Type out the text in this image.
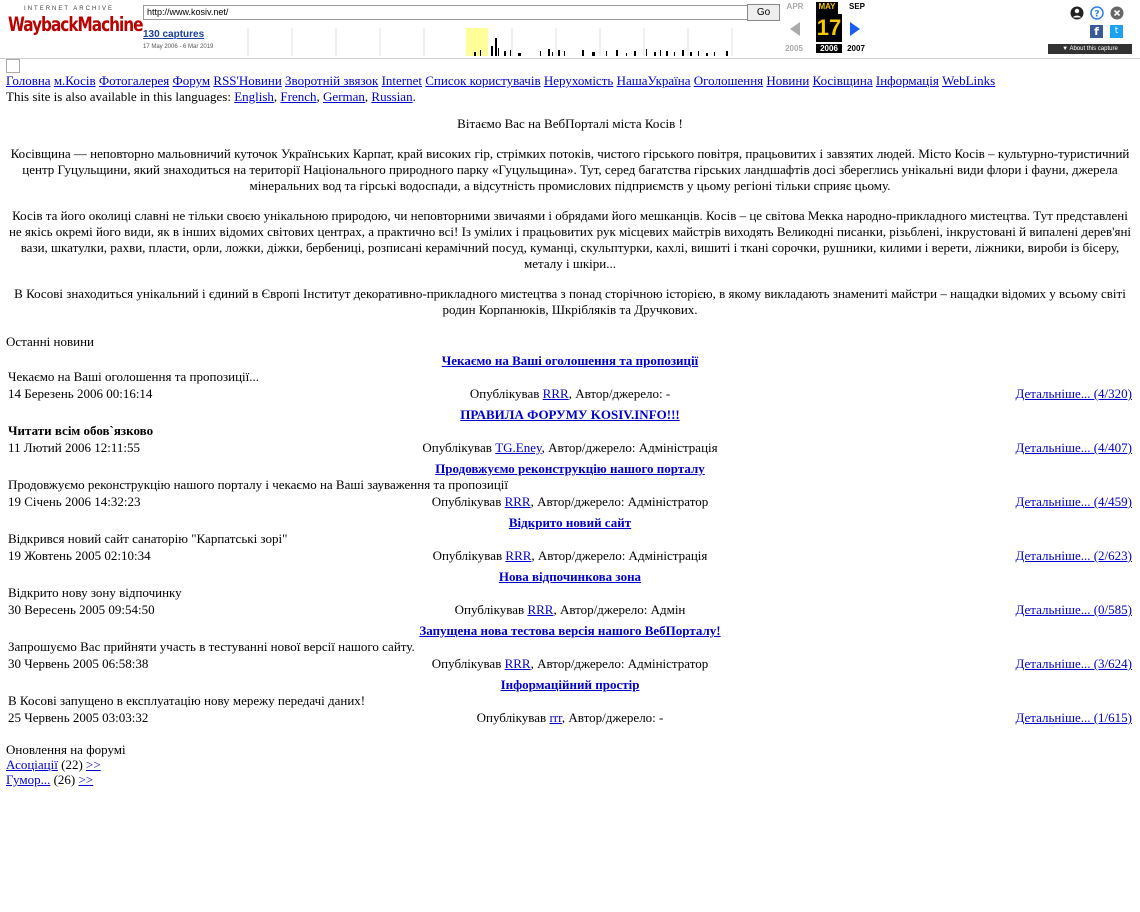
INTERNET ARCHIVE
WaybackMachine
http://www.kosiv.net/	Go
130 captures
17 May 2006 - 6 Mar 2019
APR	MAY	SEP
17
2005	2006	2007
?
f	t
▼ About this capture
Головна м.Косів Фотогалерея Форум RSS'Новини Зворотній звязок Internet Список користувачів Нерухомість НашаУкраїна Оголошення Новини Косівщина Інформація WebLinks
This site is also available in this languages: English, French, German, Russian.
Вітаємо Вас на ВебПорталі міста Косів !

Косівщина — неповторно мальовничий куточок Українських Карпат, край високих гір, стрімких потоків, чистого гірського повітря, працьовитих і завзятих людей. Місто Косів – культурно-туристичний центр Гуцульщини, який знаходиться на території Національного природного парку «Гуцульщина». Тут, серед багатства гірських ландшафтів досі збереглись унікальні види флори і фауни, джерела мінеральних вод та гірські водоспади, а відсутність промислових підприємств у цьому регіоні тільки сприяє цьому.

Косів та його околиці славні не тільки своєю унікальною природою, чи неповторними звичаями і обрядами його мешканців. Косів – це світова Мекка народно-прикладного мистецтва. Тут представлені не якісь окремі його види, як в інших відомих світових центрах, а практично всі! Із умілих і працьовитих рук місцевих майстрів виходять Великодні писанки, різьблені, інкрустовані й випалені дерев'яні вази, шкатулки, рахви, пласти, орли, ложки, діжки, бербениці, розписані керамічний посуд, куманці, скульптурки, кахлі, вишиті і ткані сорочки, рушники, килими і верети, ліжники, вироби із бісеру, металу і шкіри...

В Косові знаходиться унікальний і єдиний в Європі Інститут декоративно-прикладного мистецтва з понад сторічною історією, в якому викладають знамениті майстри – нащадки відомих у всьому світі родин Корпанюків, Шкрібляків та Дручкових.

Останні новини
Чекаємо на Ваші оголошення та пропозиції
Чекаємо на Ваші оголошення та пропозиції...
14 Березень 2006 00:16:14	Опублікував RRR, Автор/джерело: -	Детальніше... (4/320)
ПРАВИЛА ФОРУМУ KOSIV.INFO!!!
Читати всім обов`язково
11 Лютий 2006 12:11:55	Опублікував TG.Eney, Автор/джерело: Адміністрація	Детальніше... (4/407)
Продовжуємо реконструкцію нашого порталу
Продовжуємо реконструкцію нашого порталу і чекаємо на Ваші зауваження та пропозиції
19 Січень 2006 14:32:23	Опублікував RRR, Автор/джерело: Адміністратор	Детальніше... (4/459)
Відкрито новий сайт
Відкрився новий сайт санаторію "Карпатські зорі"
19 Жовтень 2005 02:10:34	Опублікував RRR, Автор/джерело: Адміністрація	Детальніше... (2/623)
Нова відпочинкова зона
Відкрито нову зону відпочинку
30 Вересень 2005 09:54:50	Опублікував RRR, Автор/джерело: Адмін	Детальніше... (0/585)
Запущена нова тестова версія нашого ВебПорталу!
Запрошуємо Вас прийняти участь в тестуванні нової версії нашого сайту.
30 Червень 2005 06:58:38	Опублікував RRR, Автор/джерело: Адміністратор	Детальніше... (3/624)
Інформаційний простір
В Косові запущено в експлуатацію нову мережу передачі даних!
25 Червень 2005 03:03:32	Опублікував rrr, Автор/джерело: -	Детальніше... (1/615)
Оновлення на форумі
Асоціації (22) >>
Гумор... (26) >>
